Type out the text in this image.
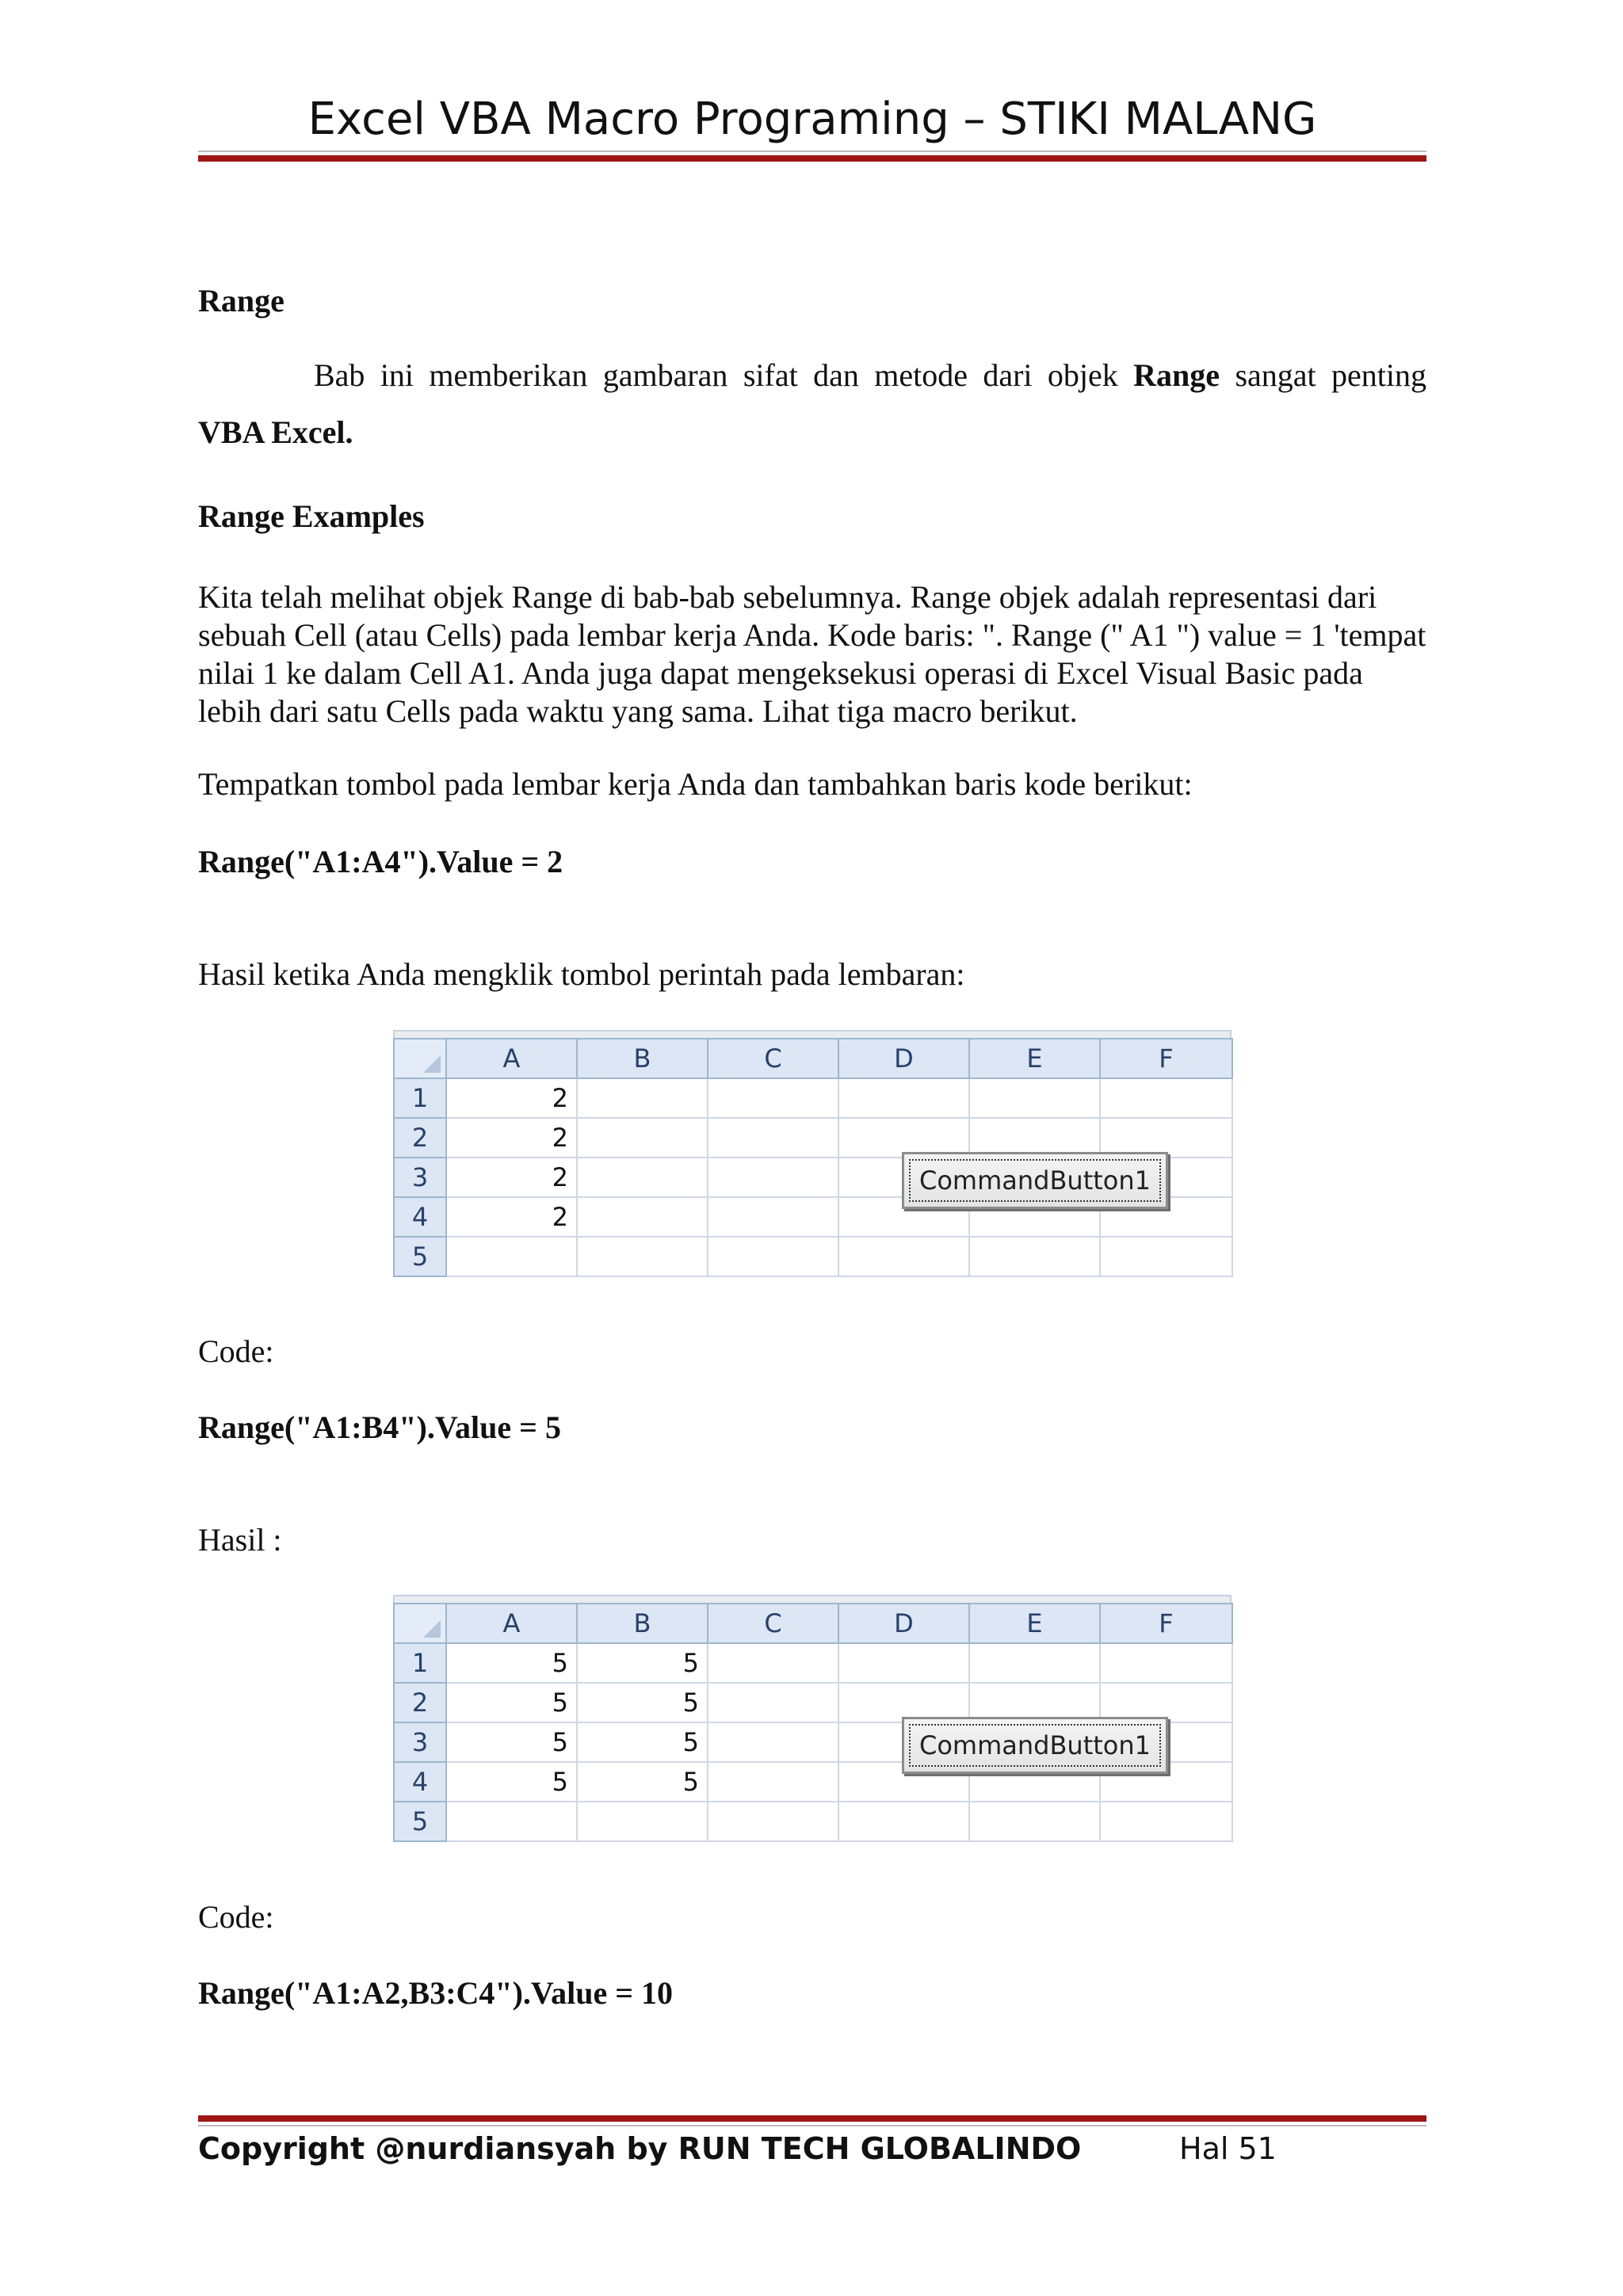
Excel VBA Macro Programing – STIKI MALANG
Range
Bab ini memberikan gambaran sifat dan metode dari objek Range sangat penting
VBA Excel.
Range Examples
Kita telah melihat objek Range di bab-bab sebelumnya. Range objek adalah representasi dari sebuah Cell (atau Cells) pada lembar kerja Anda. Kode baris: ". Range (" A1 ") value = 1 'tempat nilai 1 ke dalam Cell A1. Anda juga dapat mengeksekusi operasi di Excel Visual Basic pada lebih dari satu Cells pada waktu yang sama. Lihat tiga macro berikut.
Tempatkan tombol pada lembar kerja Anda dan tambahkan baris kode berikut:
Range("A1:A4").Value = 2
Hasil ketika Anda mengklik tombol perintah pada lembaran:
	A	B	C	D	E	F
1	2					
2	2					
3	2					
4	2					
5						
CommandButton1
Code:
Range("A1:B4").Value = 5
Hasil :
	A	B	C	D	E	F
1	5	5				
2	5	5				
3	5	5				
4	5	5				
5						
CommandButton1
Code:
Range("A1:A2,B3:C4").Value = 10
Copyright @nurdiansyah by RUN TECH GLOBALINDO	Hal 51
